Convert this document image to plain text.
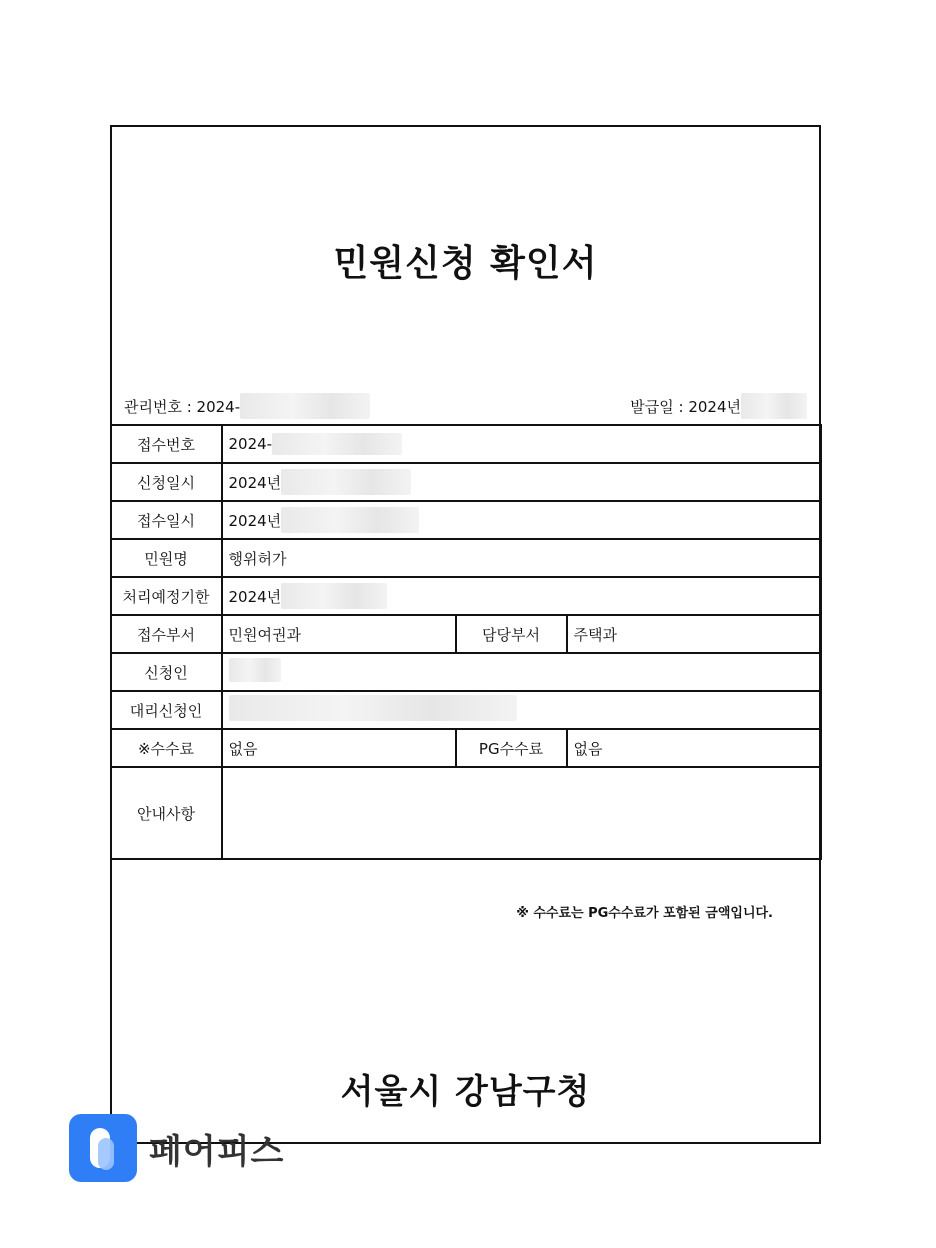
민원신청 확인서
관리번호 : 2024-	발급일 : 2024년
접수번호	2024-		

신청일시	2024년		

접수일시	2024년		

민원명	행위허가		
처리예정기한	2024년		

접수부서	민원여권과	담당부서	주택과
신청인			
대리신청인			
※수수료	없음	PG수수료	없음
안내사항			
※ 수수료는 PG수수료가 포함된 금액입니다.
서울시 강남구청
페어피스
